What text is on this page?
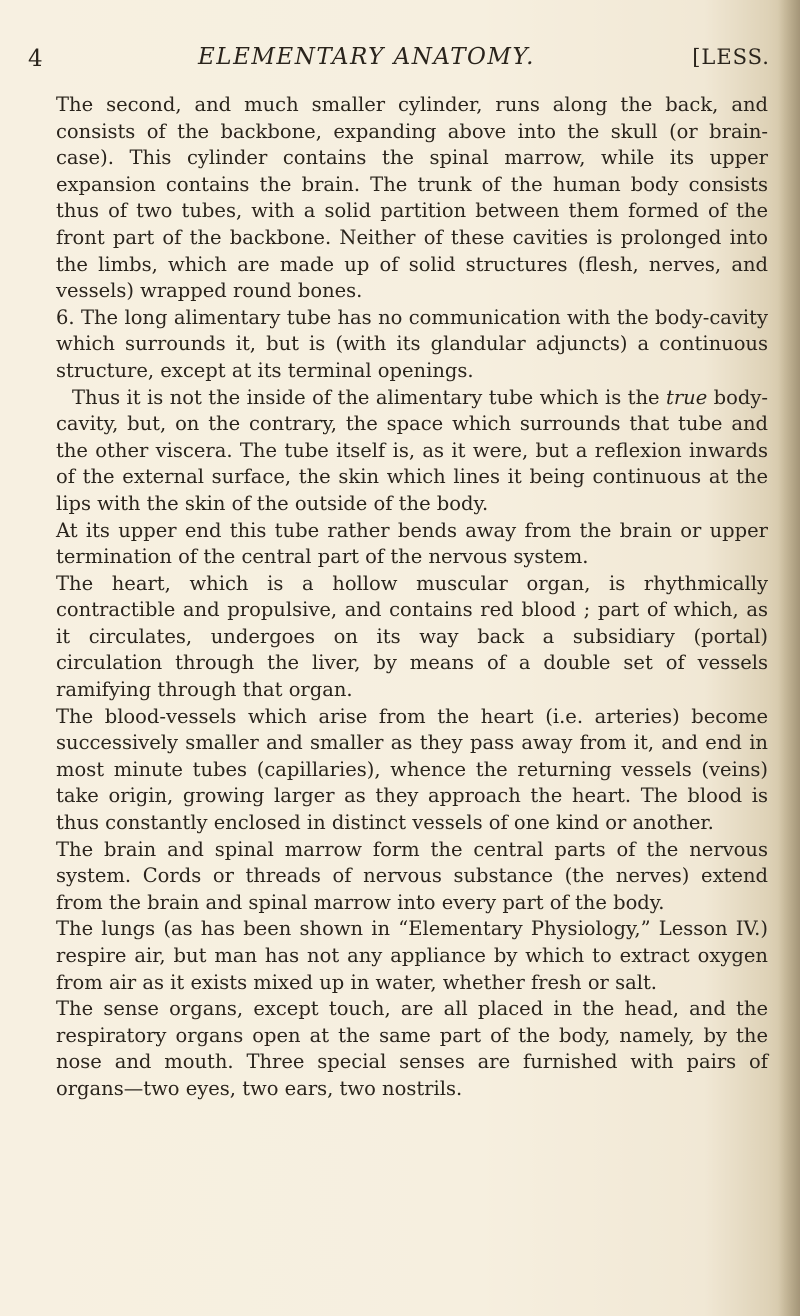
4	ELEMENTARY ANATOMY.	[LESS.

The second, and much smaller cylinder, runs along the back, and consists of the backbone, expanding above into the skull (or brain-case). This cylinder contains the spinal marrow, while its upper expansion contains the brain. The trunk of the human body consists thus of two tubes, with a solid partition between them formed of the front part of the backbone. Neither of these cavities is prolonged into the limbs, which are made up of solid structures (flesh, nerves, and vessels) wrapped round bones.

6. The long alimentary tube has no communication with the body-cavity which surrounds it, but is (with its glandular adjuncts) a continuous structure, except at its terminal openings.

Thus it is not the inside of the alimentary tube which is the true body-cavity, but, on the contrary, the space which surrounds that tube and the other viscera. The tube itself is, as it were, but a reflexion inwards of the external surface, the skin which lines it being continuous at the lips with the skin of the outside of the body.

At its upper end this tube rather bends away from the brain or upper termination of the central part of the nervous system.

The heart, which is a hollow muscular organ, is rhythmically contractible and propulsive, and contains red blood ; part of which, as it circulates, undergoes on its way back a subsidiary (portal) circulation through the liver, by means of a double set of vessels ramifying through that organ.

The blood-vessels which arise from the heart (i.e. arteries) become successively smaller and smaller as they pass away from it, and end in most minute tubes (capillaries), whence the returning vessels (veins) take origin, growing larger as they approach the heart. The blood is thus constantly enclosed in distinct vessels of one kind or another.

The brain and spinal marrow form the central parts of the nervous system. Cords or threads of nervous substance (the nerves) extend from the brain and spinal marrow into every part of the body.

The lungs (as has been shown in “Elementary Physiology,” Lesson IV.) respire air, but man has not any appliance by which to extract oxygen from air as it exists mixed up in water, whether fresh or salt.

The sense organs, except touch, are all placed in the head, and the respiratory organs open at the same part of the body, namely, by the nose and mouth. Three special senses are furnished with pairs of organs—two eyes, two ears, two nostrils.
